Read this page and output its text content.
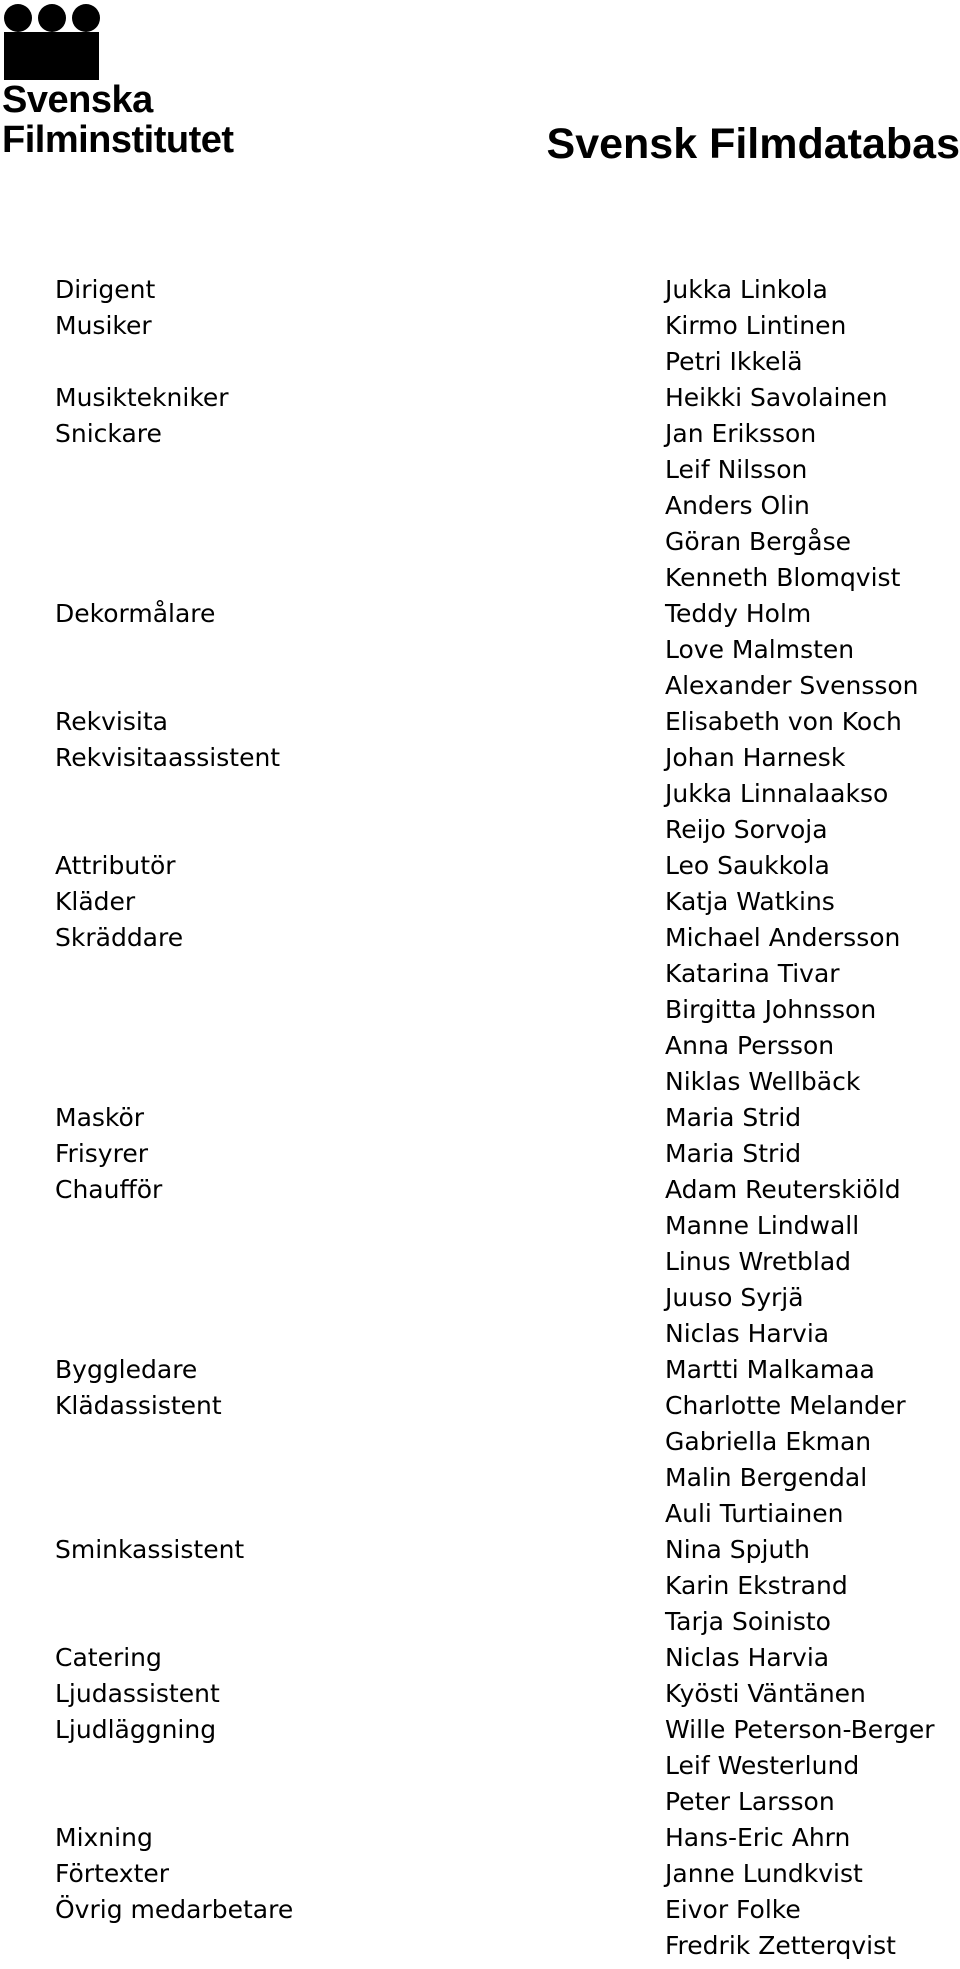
Svenska
Filminstitutet	Svensk Filmdatabas
Dirigent	Jukka Linkola
Musiker	Kirmo Lintinen
Petri Ikkelä
Musiktekniker	Heikki Savolainen
Snickare	Jan Eriksson
Leif Nilsson
Anders Olin
Göran Bergåse
Kenneth Blomqvist
Dekormålare	Teddy Holm
Love Malmsten
Alexander Svensson
Rekvisita	Elisabeth von Koch
Rekvisitaassistent	Johan Harnesk
Jukka Linnalaakso
Reijo Sorvoja
Attributör	Leo Saukkola
Kläder	Katja Watkins
Skräddare	Michael Andersson
Katarina Tivar
Birgitta Johnsson
Anna Persson
Niklas Wellbäck
Maskör	Maria Strid
Frisyrer	Maria Strid
Chaufför	Adam Reuterskiöld
Manne Lindwall
Linus Wretblad
Juuso Syrjä
Niclas Harvia
Byggledare	Martti Malkamaa
Klädassistent	Charlotte Melander
Gabriella Ekman
Malin Bergendal
Auli Turtiainen
Sminkassistent	Nina Spjuth
Karin Ekstrand
Tarja Soinisto
Catering	Niclas Harvia
Ljudassistent	Kyösti Väntänen
Ljudläggning	Wille Peterson-Berger
Leif Westerlund
Peter Larsson
Mixning	Hans-Eric Ahrn
Förtexter	Janne Lundkvist
Övrig medarbetare	Eivor Folke
Fredrik Zetterqvist
